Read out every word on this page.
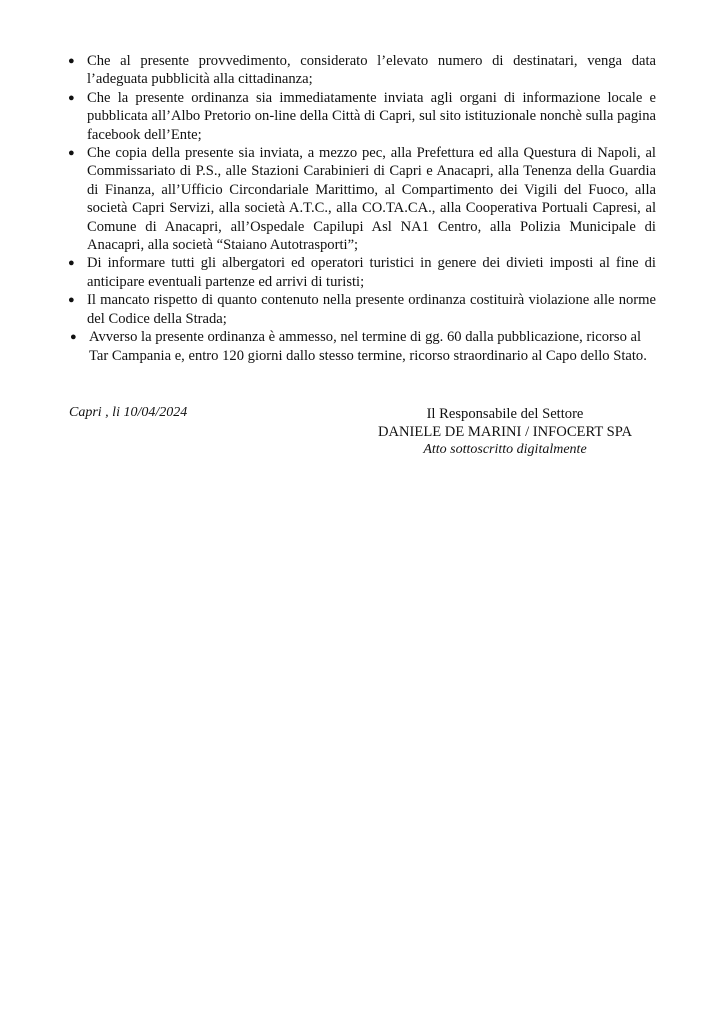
● Che al presente provvedimento, considerato l’elevato numero di destinatari, venga data l’adeguata pubblicità alla cittadinanza;
● Che la presente ordinanza sia immediatamente inviata agli organi di informazione locale e pubblicata all’Albo Pretorio on-line della Città di Capri, sul sito istituzionale nonchè sulla pagina facebook dell’Ente;
● Che copia della presente sia inviata, a mezzo pec, alla Prefettura ed alla Questura di Napoli, al Commissariato di P.S., alle Stazioni Carabinieri di Capri e Anacapri, alla Tenenza della Guardia di Finanza, all’Ufficio Circondariale Marittimo, al Compartimento dei Vigili del Fuoco, alla società Capri Servizi, alla società A.T.C., alla CO.TA.CA., alla Cooperativa Portuali Capresi, al Comune di Anacapri, all’Ospedale Capilupi Asl NA1 Centro, alla Polizia Municipale di Anacapri, alla società “Staiano Autotrasporti”;
● Di informare tutti gli albergatori ed operatori turistici in genere dei divieti imposti al fine di anticipare eventuali partenze ed arrivi di turisti;
● Il mancato rispetto di quanto contenuto nella presente ordinanza costituirà violazione alle norme del Codice della Strada;
● Avverso la presente ordinanza è ammesso, nel termine di gg. 60 dalla pubblicazione, ricorso al Tar Campania e, entro 120 giorni dallo stesso termine, ricorso straordinario al Capo dello Stato.
Capri , li 10/04/2024	Il Responsabile del Settore
DANIELE DE MARINI / INFOCERT SPA
Atto sottoscritto digitalmente
